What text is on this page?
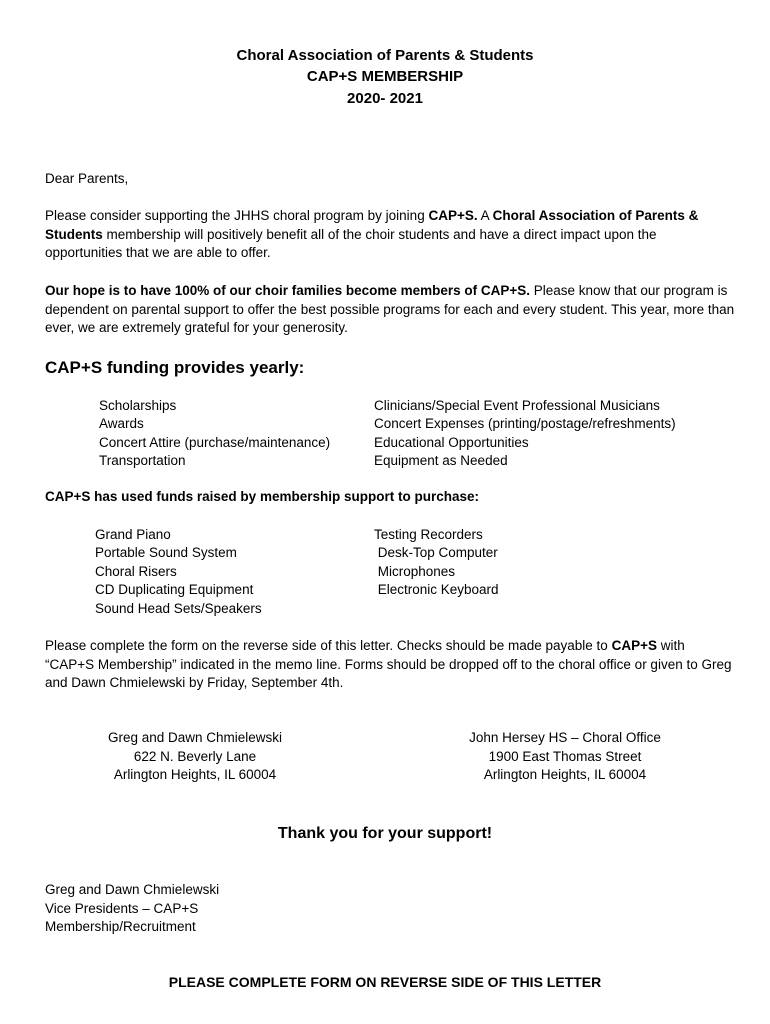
Choral Association of Parents & Students
CAP+S MEMBERSHIP
2020- 2021
Dear Parents,
Please consider supporting the JHHS choral program by joining CAP+S. A Choral Association of Parents & Students membership will positively benefit all of the choir students and have a direct impact upon the opportunities that we are able to offer.
Our hope is to have 100% of our choir families become members of CAP+S. Please know that our program is dependent on parental support to offer the best possible programs for each and every student. This year, more than ever, we are extremely grateful for your generosity.
CAP+S funding provides yearly:
Scholarships
Awards
Concert Attire (purchase/maintenance)
Transportation
Clinicians/Special Event Professional Musicians
Concert Expenses (printing/postage/refreshments)
Educational Opportunities
Equipment as Needed
CAP+S has used funds raised by membership support to purchase:
Grand Piano
Portable Sound System
Choral Risers
CD Duplicating Equipment
Sound Head Sets/Speakers
Testing Recorders
Desk-Top Computer
Microphones
Electronic Keyboard
Please complete the form on the reverse side of this letter. Checks should be made payable to CAP+S with “CAP+S Membership” indicated in the memo line. Forms should be dropped off to the choral office or given to Greg and Dawn Chmielewski by Friday, September 4th.
Greg and Dawn Chmielewski
622 N. Beverly Lane
Arlington Heights, IL 60004
John Hersey HS – Choral Office
1900 East Thomas Street
Arlington Heights, IL 60004
Thank you for your support!
Greg and Dawn Chmielewski
Vice Presidents – CAP+S
Membership/Recruitment
PLEASE COMPLETE FORM ON REVERSE SIDE OF THIS LETTER
